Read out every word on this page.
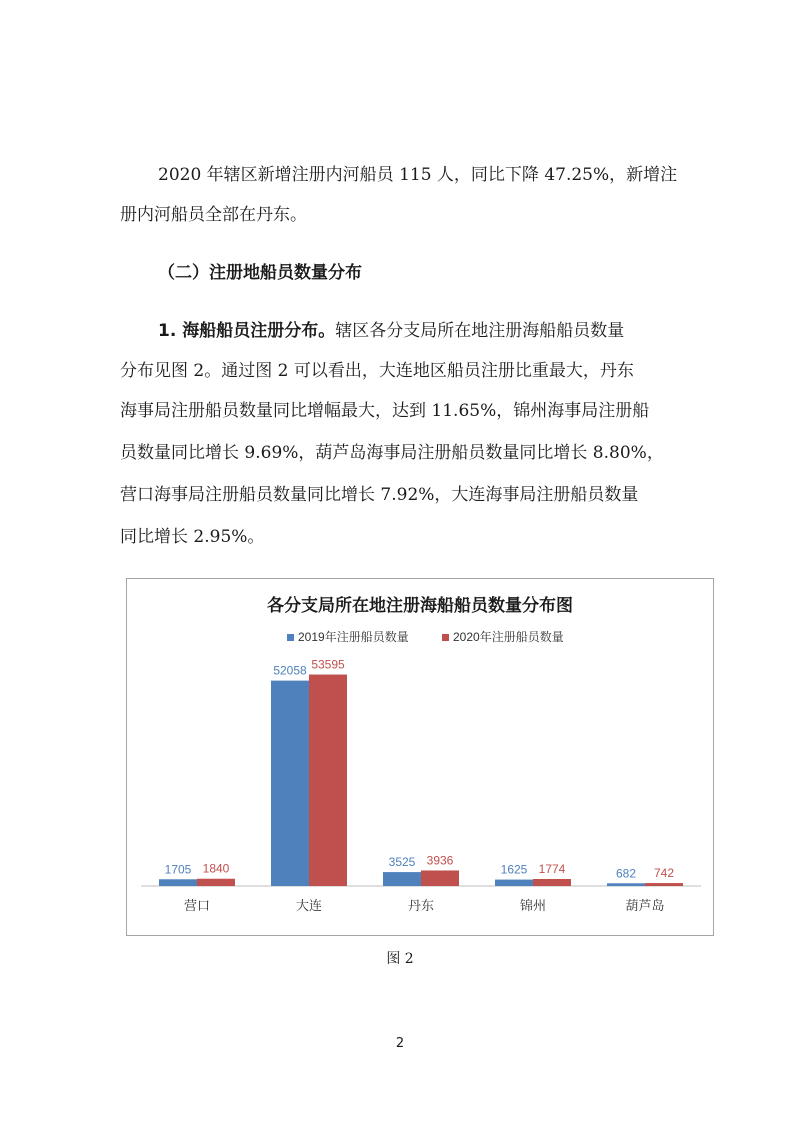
2020 年辖区新增注册内河船员 115 人，同比下降 47.25%，新增注

册内河船员全部在丹东。

（二）注册地船员数量分布

1. 海船船员注册分布。辖区各分支局所在地注册海船船员数量

分布见图 2。通过图 2 可以看出，大连地区船员注册比重最大，丹东

海事局注册船员数量同比增幅最大，达到 11.65%，锦州海事局注册船

员数量同比增长 9.69%，葫芦岛海事局注册船员数量同比增长 8.80%，

营口海事局注册船员数量同比增长 7.92%，大连海事局注册船员数量

同比增长 2.95%。

各分支局所在地注册海船船员数量分布图
2019年注册船员数量	2020年注册船员数量
1705 1840
营口
52058 53595
大连
3525 3936
丹东
1625 1774
锦州
682 742
葫芦岛
图 2
2
